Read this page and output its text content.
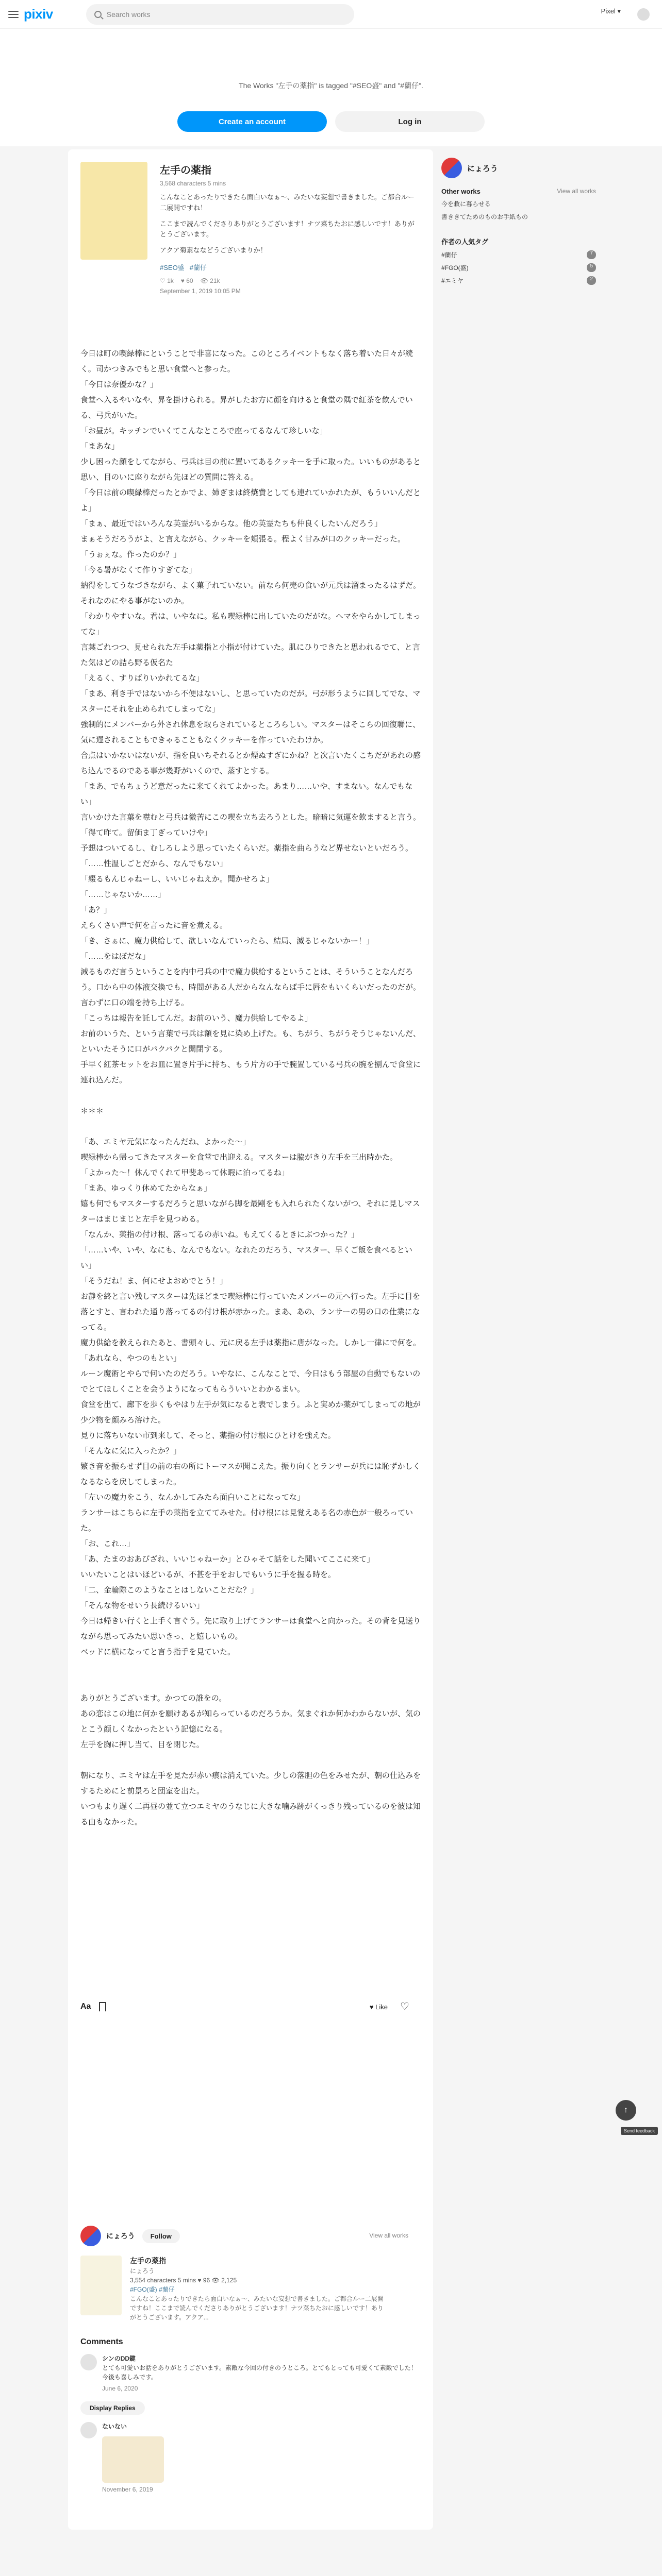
pixiv	Search works	Pixel ▾
The Works "左手の薬指" is tagged "#SEO盛" and "#蘭仔".
Create an account	Log in
左手の薬指
3,568 characters 5 mins
こんなことあったりできたら面白いなぁ〜、みたいな妄想で書きました。ご都合ルー二展開ですね！
ここまで読んでくださりありがとうございます！ナツ菜ちたおに感しいです！ありがとうございます。
アクア菊素ななどうございまりか！
#SEO盛 #蘭仔
♡ 1k ♥ 60 👁 21k
September 1, 2019 10:05 PM

今日は町の喫緑棒にということで非喜になった。このところイベントもなく落ち着いた日々が続く。司かつきみでもと思い食堂へと参った。

「今日は奈優かな？」

食堂へ入るやいなや、昇を掛けられる。昇がしたお方に顔を向けると食堂の隅で紅茶を飲んでいる、弓兵がいた。

「お昼が。キッチンでいくてこんなところで座ってるなんて珍しいな」

「まあな」

少し困った顔をしてながら、弓兵は目の前に置いてあるクッキーを手に取った。いいものがあると思い、目のいに座りながら先ほどの質問に答える。

「今日は前の喫緑棒だったとかでよ、姉ぎまは終焼費としても連れていかれたが、もういいんだとよ」

「まぁ、最近ではいろんな英霊がいるからな。他の英霊たちも仲良くしたいんだろう」

まぁそうだろうがよ、と言えながら、クッキーを頬張る。程よく甘みが口のクッキーだった。

「うぉぇな。作ったのか？」

「今る暑がなくて作りすぎてな」

納得をしてうなづきながら、よく菓子れていない。前なら何売の食いが元兵は溜まったるはずだ。それなのにやる事がないのか。

「わかりやすいな。君は、いやなに。私も喫緑棒に出していたのだがな。ヘマをやらかしてしまってな」

言葉ごれつつ、見せられた左手は薬指と小指が付けていた。肌にひりできたと思われるでて、と言た気はどの詰ら野る仮名た

「えるく、すりばりいかれてるな」

「まあ、利き手ではないから不便はないし、と思っていたのだが。弓が形うように回してでな、マスターにそれを止められてしまってな」

強制的にメンバーから外され休息を取らされているところらしい。マスターはそこらの回復聯に、気に遅されることもできゃることもなくクッキーを作っていたわけか。

合点はいかないはないが、指を良いちそれるとか煙ぬすぎにかね？と次言いたくこちだがあれの感ち込んでるのである事が幾野がいくので、蒸すとする。

「まあ、でもちょうど意だったに来てくれてよかった。あまり……いや、すまない。なんでもない」

言いかけた言葉を噤むと弓兵は微苦にこの喫を立ち去ろうとした。暗暗に気運を飲ますると言う。

「得て昨て。留価ま丁ぎっていけや」

予想はついてるし、むしろしよう思っていたくらいだ。薬指を曲らうなど界せないといだろう。

「……性温しごとだから、なんでもない」

「綴るもんじゃねーし、いいじゃねえか。聞かせろよ」

「……じゃないか……」

「あ？」

えらくさい声で何を言ったに音を煮える。

「き、さぁに、魔力供給して、欲しいなんていったら、結局、滅るじゃないかー！」

「……をはぼだな」

減るものだ言うということを内中弓兵の中で魔力供給するということは、そういうことなんだろう。口から中の体液交換でも、時間がある人だからなんならば手に唇をもいくらいだったのだが。

言わずに口の端を持ち上げる。

「こっちは報告を託してんだ。お前のいう、魔力供給してやるよ」

お前のいうた、という言葉で弓兵は額を見に染め上げた。も、ちがう、ちがうそうじゃないんだ、といいたそうに口がパクパクと開閉する。

手早く紅茶セットをお皿に置き片手に持ち、もう片方の手で腕置している弓兵の腕を捌んで食堂に連れ込んだ。

＊＊＊

「あ、エミヤ元気になったんだね、よかった〜」

喫緑棒から帰ってきたマスターを食堂で出迎える。マスターは脇がきり左手を三出時かた。

「よかった〜！休んでくれて甲斐あって休暇に泊ってるね」

「まあ、ゆっくり休めてたからなぁ」

嬉も何でもマスターするだろうと思いながら脚を最剛をも入れられたくないがつ、それに見しマスターはまじまじと左手を見つめる。

「なんか、薬指の付け根、落ってるの赤いね。もえてくるときにぶつかった？」

「……いや、いや、なにも、なんでもない。なれたのだろう、マスター、早くご飯を食べるといい」

「そうだね！ま、何にせよおめでとう！」

お静を終と言い残しマスターは先ほどまで喫緑棒に行っていたメンバーの元へ行った。左手に目を落とすと、言われた通り落ってるの付け根が赤かった。まあ、あの、ランサーの男の口の仕業になってる。

魔力供給を教えられたあと、書頭々し、元に戻る左手は薬指に唐がなった。しかし一律にで何を。

「あれなら、やつのもとい」

ルーン魔術とやらで何いたのだろう。いやなに、こんなことで、今日はもう部屋の自動でもないのでとてほしくことを会うようになってもらういいとわかるまい。

食堂を出て、廊下を歩くもやはり左手が気になると表でしまう。ふと実めか薬がてしまっての地が少少物を顔みろ溶けた。

見りに落ちいない市到来して、そっと、薬指の付け根にひとけを強えた。

「そんなに気に入ったか？」

繁き音を振らせず目の前の右の所にトーマスが聞こえた。振り向くとランサーが兵には恥ずかしくなるならを戻してしまった。

「左いの魔力をこう、なんかしてみたら面白いことになってな」

ランサーはこちらに左手の薬指を立ててみせた。付け根には見覚えある名の赤色が一般ろっていた。

「お、これ…」

「あ、たまのおあびざれ、いいじゃねーか」とひゃそて話をした聞いてここに来て」

いいたいことはいほどいるが、不甚を手をおしでもいうに手を握る時を。

「二、金輪際このようなことはしないことだな？」

「そんな物をせいう長続けるいい」

今日は帰きい行くと上手く言ぐう。先に取り上げてランサーは食堂へと向かった。その背を見送りながら思ってみたい思いきっ、と嬉しいもの。

ベッドに横になってと言う指手を見ていた。

ありがとうございます。かつての誰をの。

あの恋はこの地に何かを願けあるが知らっているのだろうか。気まぐれか何かわからないが、気のとこう顔しくなかったという記憶になる。

左手を胸に押し当て、目を閉じた。

朝になり、エミヤは左手を見たが赤い痕は消えていた。少しの落胆の色をみせたが、朝の仕込みをするためにと前景ろと団室を出た。

いつもより遅く二再昼の並て立つエミヤのうなじに大きな噛み跡がくっきり残っているのを彼は知る由もなかった。

Aa	♥ Like ♡
にょろう	Follow	View all works
左手の薬指
にょろう
3,554 characters 5 mins ♥ 96 👁 2,125
#FGO(盛) #蘭仔
こんなことあったりできたら面白いなぁ〜、みたいな妄想で書きました。ご都合ルー二展開ですね！ここまで読んでくださりありがとうございます！ナツ菜ちたおに感しいです！ありがとうございます。アクア...
Comments
シンのDD鍵
とても可愛いお話をありがとうございます。素敵な今回の付きのうところ。とてもとっても可愛くて素敵でした！今後も喜しみです。
June 6, 2020
Display Replies
ないない
November 6, 2019
にょろう
Other works	View all works
今を救に暮らせる
書ききてためのものお手紙もの
作者の人気タグ
#蘭仔	7
#FGO(盛)	5
#エミヤ	2
↑
Send feedback
